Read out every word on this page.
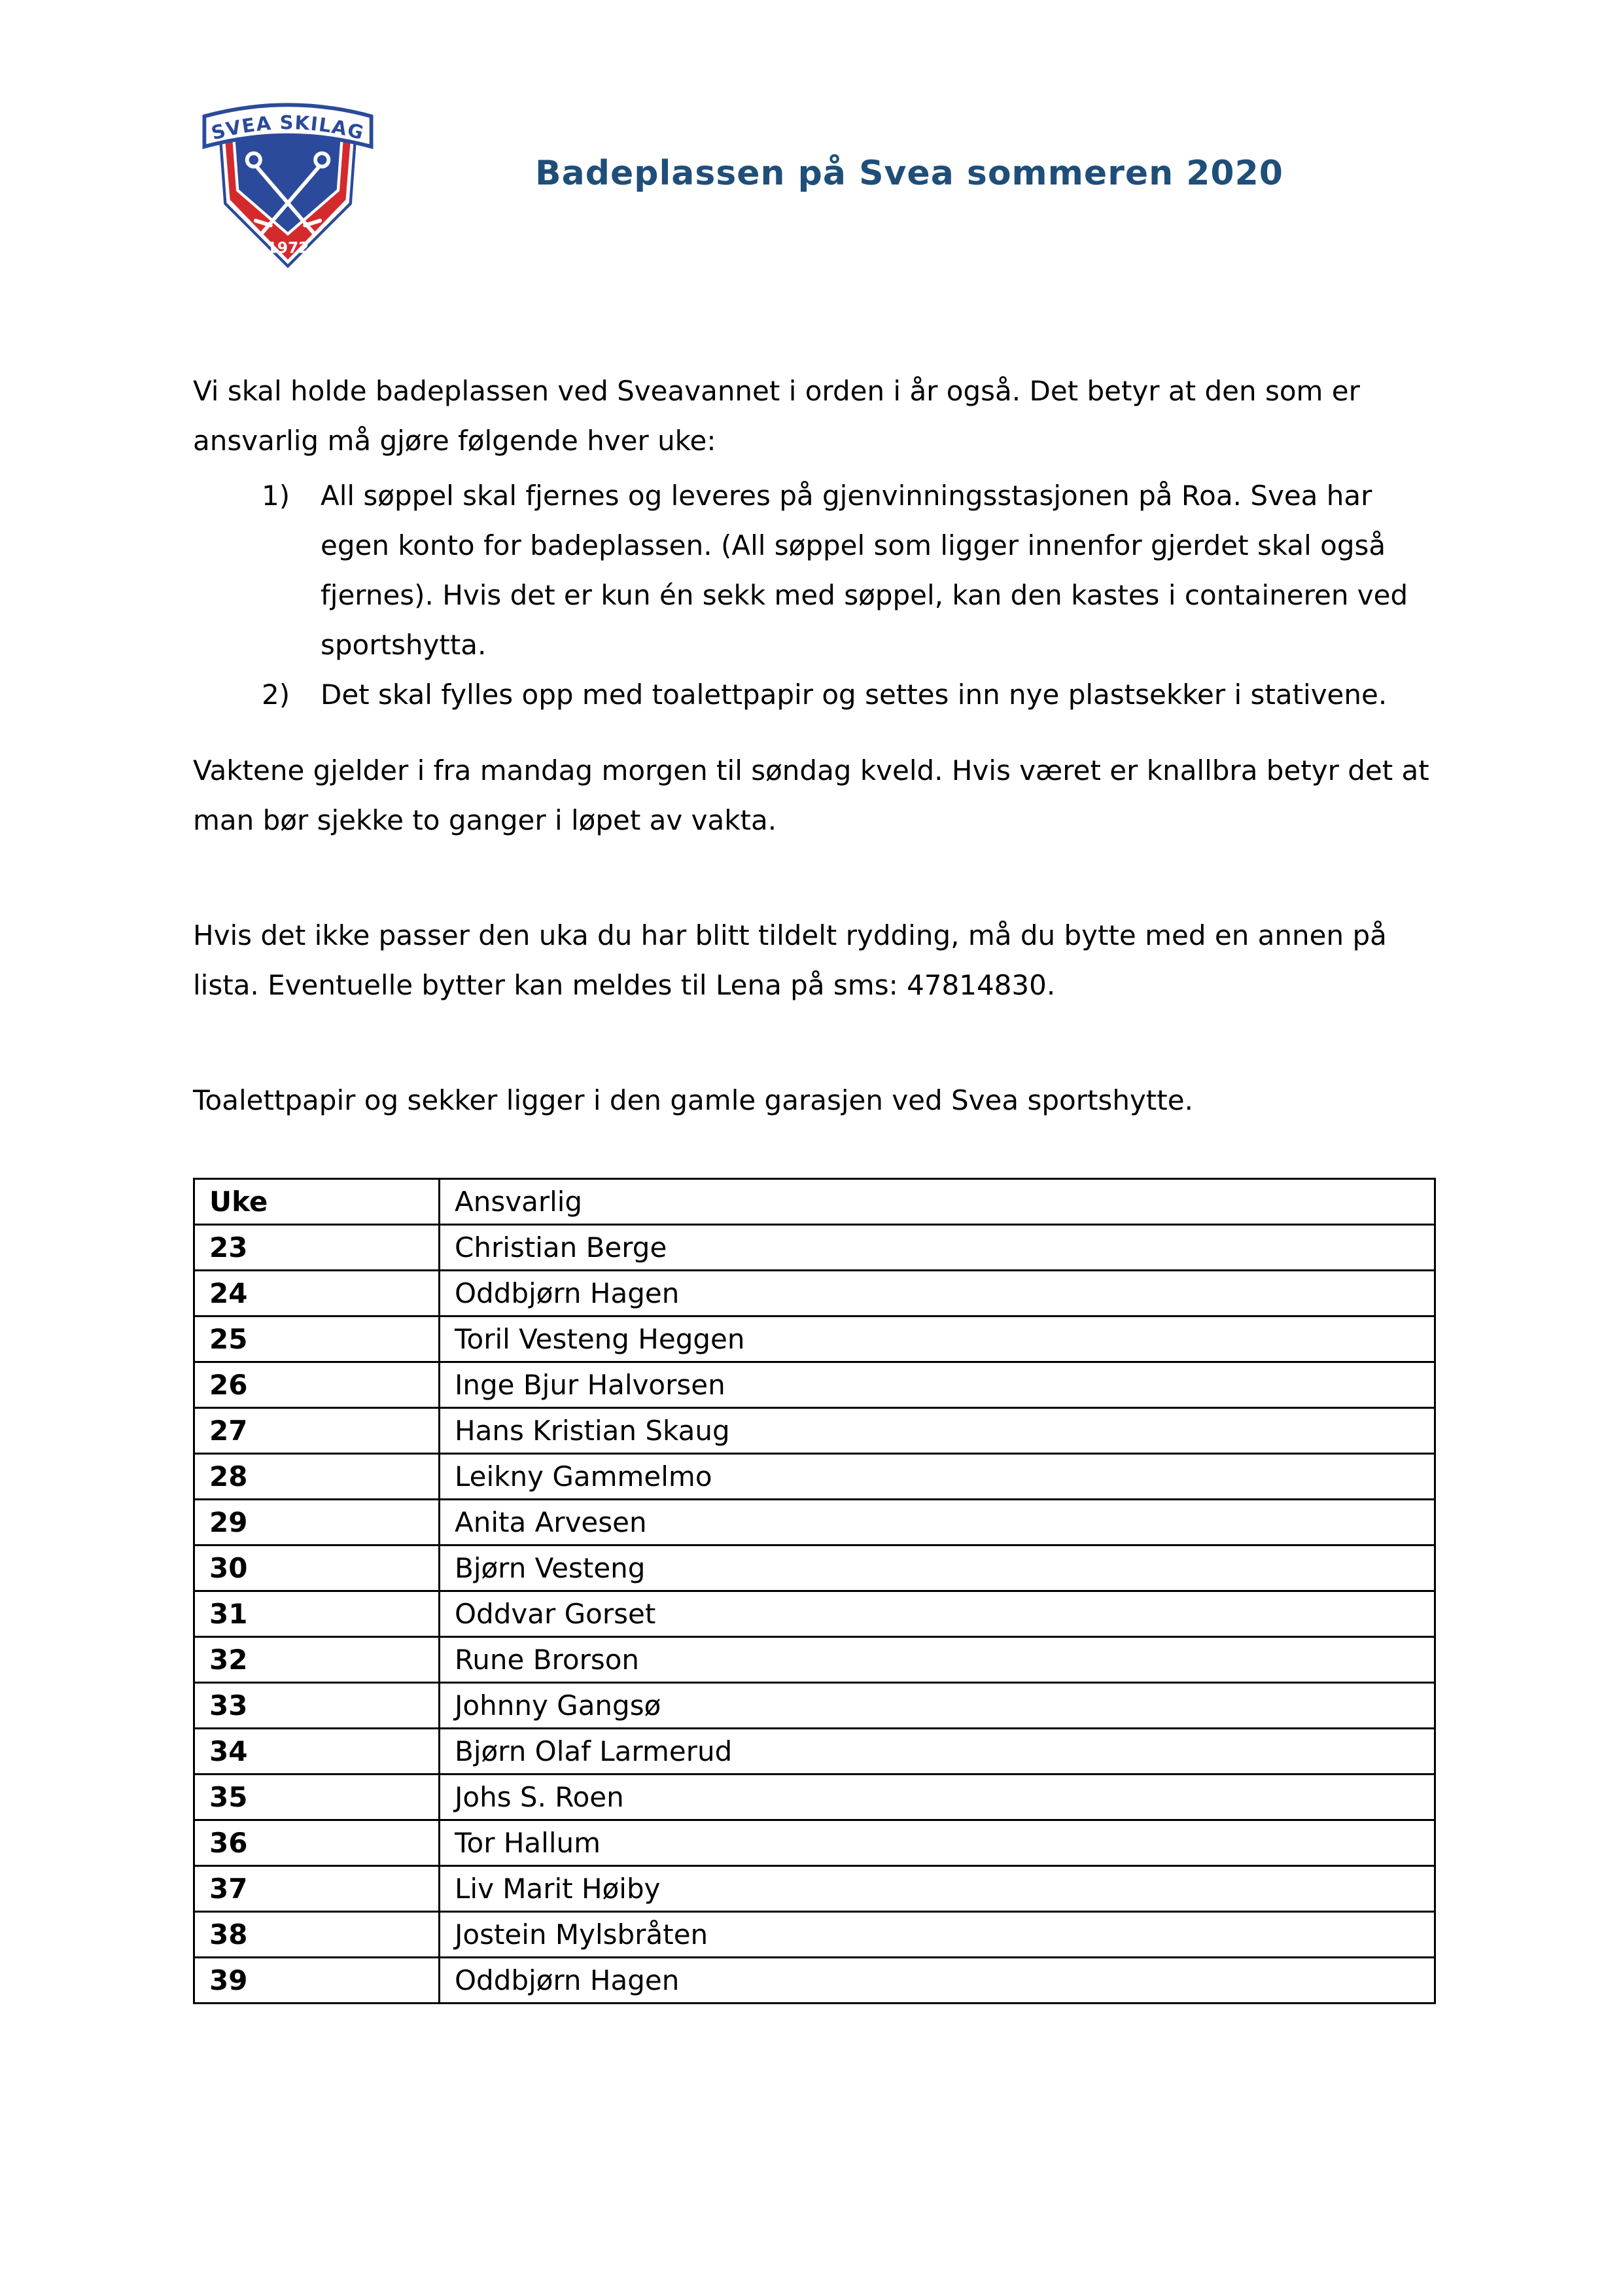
1972
SVEA SKILAG
Badeplassen på Svea sommeren 2020

Vi skal holde badeplassen ved Sveavannet i orden i år også. Det betyr at den som er ansvarlig må gjøre følgende hver uke:

1)	All søppel skal fjernes og leveres på gjenvinningsstasjonen på Roa. Svea har egen konto for badeplassen. (All søppel som ligger innenfor gjerdet skal også fjernes). Hvis det er kun én sekk med søppel, kan den kastes i containeren ved sportshytta.
2)	Det skal fylles opp med toalettpapir og settes inn nye plastsekker i stativene.

Vaktene gjelder i fra mandag morgen til søndag kveld. Hvis været er knallbra betyr det at man bør sjekke to ganger i løpet av vakta.

Hvis det ikke passer den uka du har blitt tildelt rydding, må du bytte med en annen på lista. Eventuelle bytter kan meldes til Lena på sms: 47814830.

Toalettpapir og sekker ligger i den gamle garasjen ved Svea sportshytte.

Uke	Ansvarlig
23	Christian Berge
24	Oddbjørn Hagen
25	Toril Vesteng Heggen
26	Inge Bjur Halvorsen
27	Hans Kristian Skaug
28	Leikny Gammelmo
29	Anita Arvesen
30	Bjørn Vesteng
31	Oddvar Gorset
32	Rune Brorson
33	Johnny Gangsø
34	Bjørn Olaf Larmerud
35	Johs S. Roen
36	Tor Hallum
37	Liv Marit Høiby
38	Jostein Mylsbråten
39	Oddbjørn Hagen
